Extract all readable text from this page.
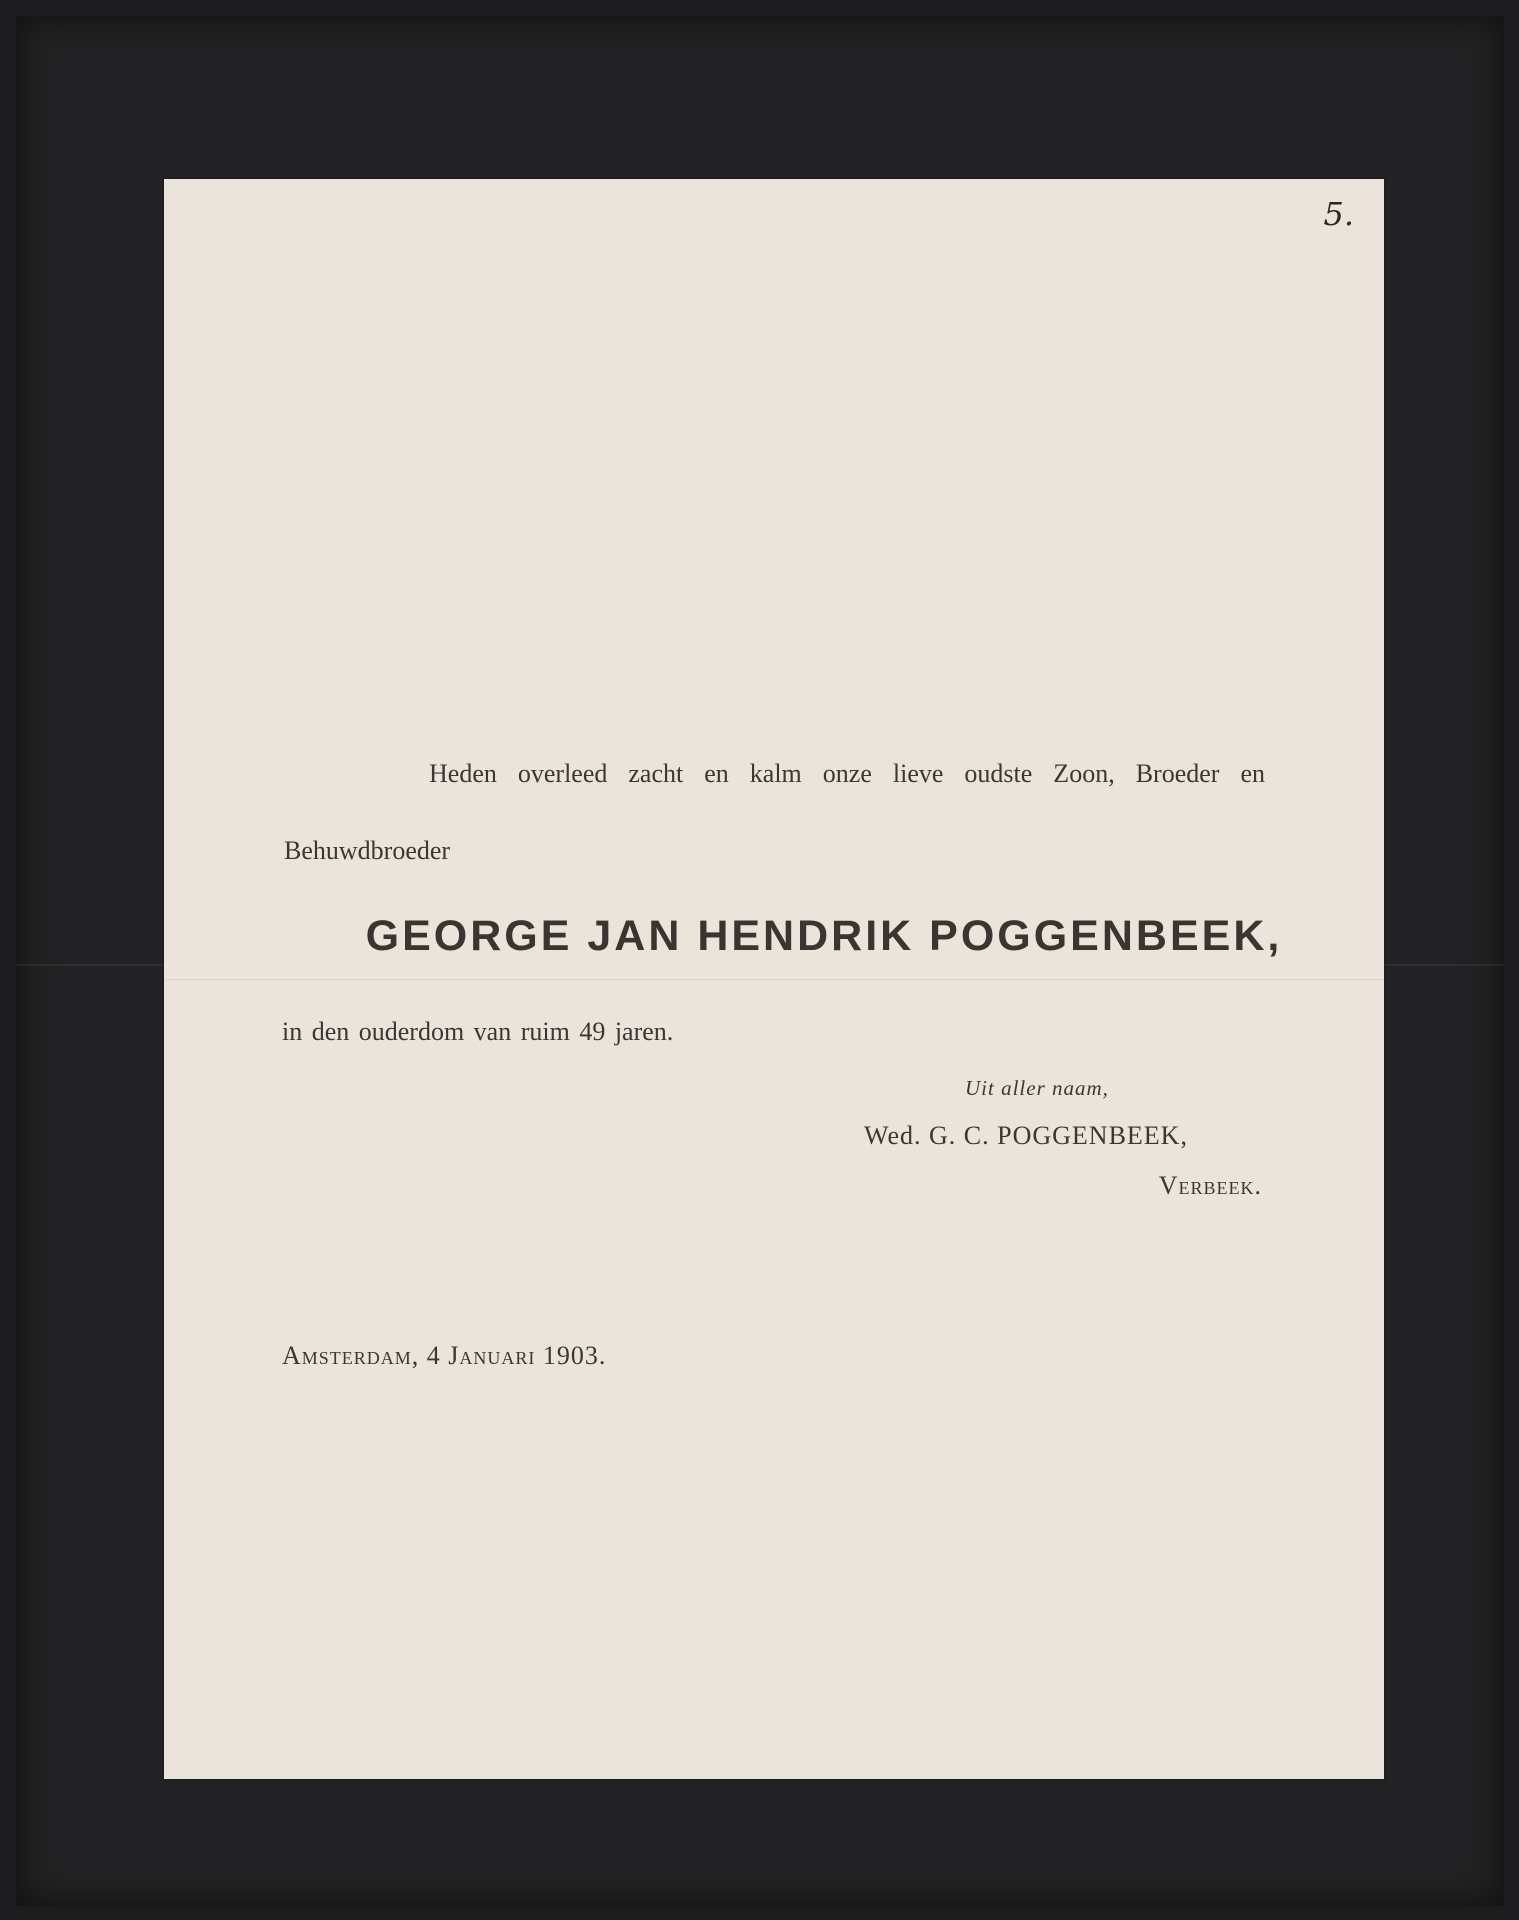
5.

Heden overleed zacht en kalm onze lieve oudste Zoon, Broeder en

Behuwdbroeder

GEORGE JAN HENDRIK POGGENBEEK,

in den ouderdom van ruim 49 jaren.

Uit aller naam,

Wed. G. C. POGGENBEEK,

Verbeek.

Amsterdam, 4 Januari 1903.
